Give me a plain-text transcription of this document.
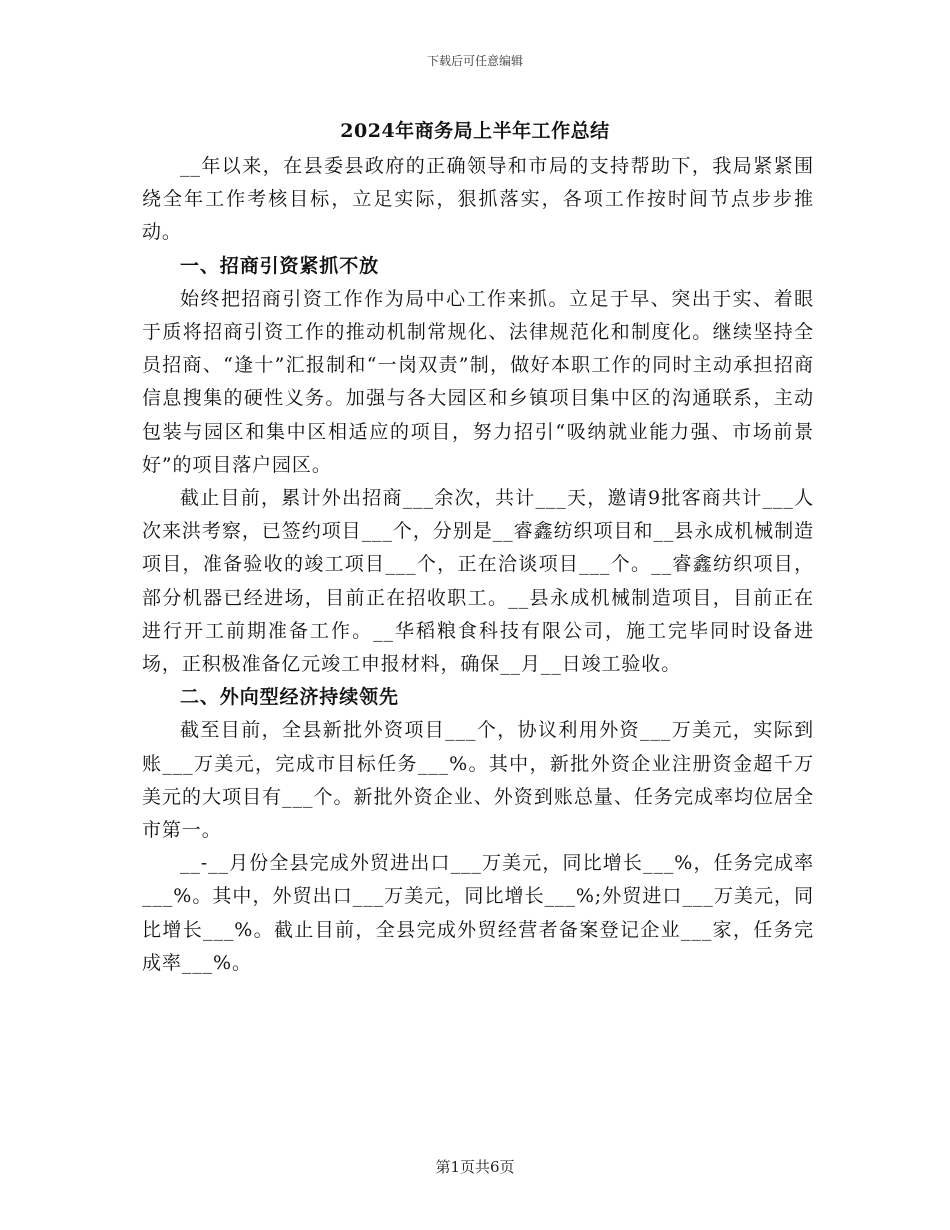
下载后可任意编辑
2024年商务局上半年工作总结

__年以来，在县委县政府的正确领导和市局的支持帮助下，我局紧紧围绕全年工作考核目标，立足实际，狠抓落实，各项工作按时间节点步步推动。

一、招商引资紧抓不放

始终把招商引资工作作为局中心工作来抓。立足于早、突出于实、着眼于质将招商引资工作的推动机制常规化、法律规范化和制度化。继续坚持全员招商、“逢十”汇报制和“一岗双责”制，做好本职工作的同时主动承担招商信息搜集的硬性义务。加强与各大园区和乡镇项目集中区的沟通联系，主动包装与园区和集中区相适应的项目，努力招引“吸纳就业能力强、市场前景好”的项目落户园区。

截止目前，累计外出招商___余次，共计___天，邀请9批客商共计___人次来洪考察，已签约项目___个，分别是__睿鑫纺织项目和__县永成机械制造项目，准备验收的竣工项目___个，正在洽谈项目___个。__睿鑫纺织项目，部分机器已经进场，目前正在招收职工。__县永成机械制造项目，目前正在进行开工前期准备工作。__华稻粮食科技有限公司，施工完毕同时设备进场，正积极准备亿元竣工申报材料，确保__月__日竣工验收。

二、外向型经济持续领先

截至目前，全县新批外资项目___个，协议利用外资___万美元，实际到账___万美元，完成市目标任务___%。其中，新批外资企业注册资金超千万美元的大项目有___个。新批外资企业、外资到账总量、任务完成率均位居全市第一。

__-__月份全县完成外贸进出口___万美元，同比增长___%，任务完成率___%。其中，外贸出口___万美元，同比增长___%;外贸进口___万美元，同比增长___%。截止目前，全县完成外贸经营者备案登记企业___家，任务完成率___%。

第1页共6页
